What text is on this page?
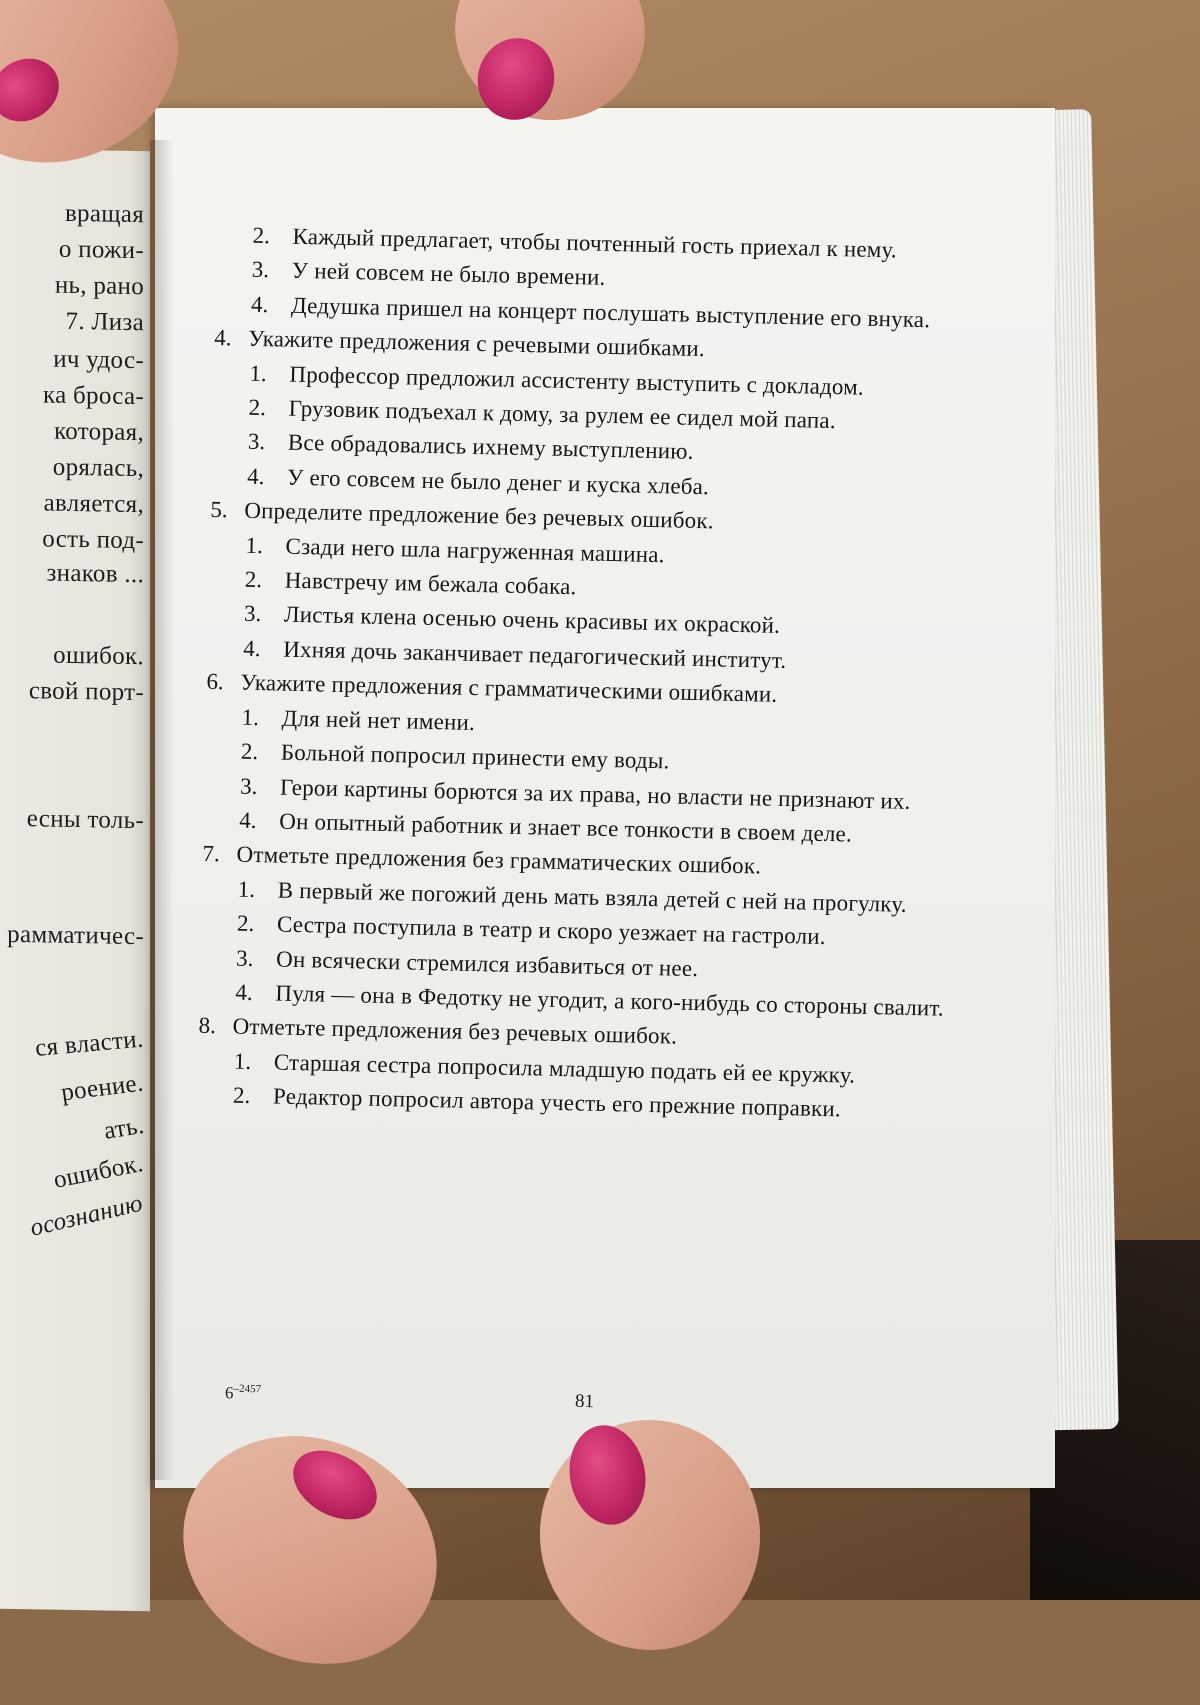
вращая
о пожи-
нь, рано
7. Лиза
ич удос-
ка броса-
которая,
орялась,
авляется,
ость под-
знаков ...
ошибок.
свой порт-
есны толь-
рамматичес-
ся власти.
роение.
ать.
ошибок.
осознанию
2. Каждый предлагает, чтобы почтенный гость приехал к нему.
3. У ней совсем не было времени.
4. Дедушка пришел на концерт послушать выступление его внука.
4. Укажите предложения с речевыми ошибками.
1. Профессор предложил ассистенту выступить с докладом.
2. Грузовик подъехал к дому, за рулем ее сидел мой папа.
3. Все обрадовались ихнему выступлению.
4. У его совсем не было денег и куска хлеба.
5. Определите предложение без речевых ошибок.
1. Сзади него шла нагруженная машина.
2. Навстречу им бежала собака.
3. Листья клена осенью очень красивы их окраской.
4. Ихняя дочь заканчивает педагогический институт.
6. Укажите предложения с грамматическими ошибками.
1. Для ней нет имени.
2. Больной попросил принести ему воды.
3. Герои картины борются за их права, но власти не признают их.
4. Он опытный работник и знает все тонкости в своем деле.
7. Отметьте предложения без грамматических ошибок.
1. В первый же погожий день мать взяла детей с ней на прогулку.
2. Сестра поступила в театр и скоро уезжает на гастроли.
3. Он всячески стремился избавиться от нее.
4. Пуля — она в Федотку не угодит, а кого-нибудь со стороны свалит.
8. Отметьте предложения без речевых ошибок.
1. Старшая сестра попросила младшую подать ей ее кружку.
2. Редактор попросил автора учесть его прежние поправки.
$6^{-2457}$
81
